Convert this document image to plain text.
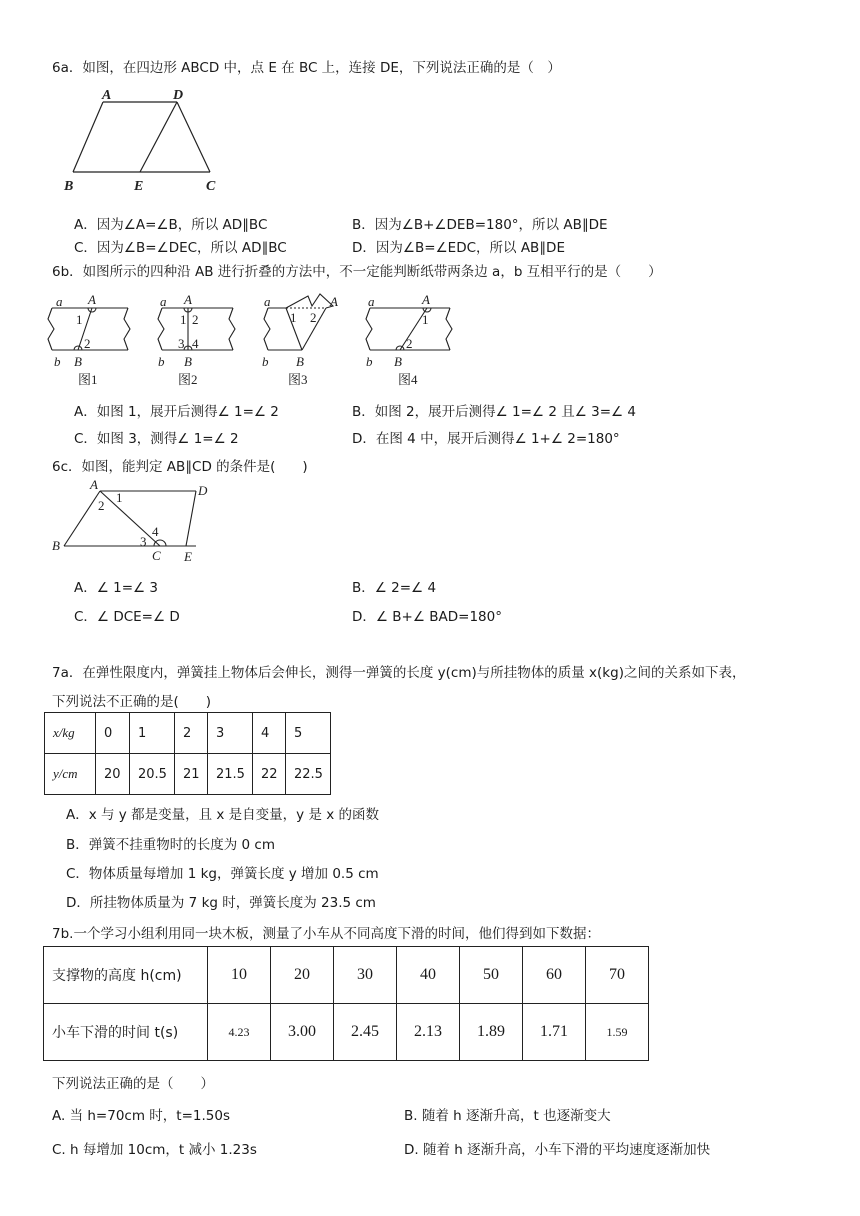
6a．如图，在四边形 ABCD 中，点 E 在 BC 上，连接 DE，下列说法正确的是（　）
A	D
B	E	C
A．因为∠A=∠B，所以 AD∥BC	B．因为∠B+∠DEB=180°，所以 AB∥DE
C．因为∠B=∠DEC，所以 AD∥BC	D．因为∠B=∠EDC，所以 AB∥DE
6b．如图所示的四种沿 AB 进行折叠的方法中，不一定能判断纸带两条边 a，b 互相平行的是（　　）
a A
b B
1
2
a A
b B
1 2
3 4
a
b B
A
1 2
a	A
b B
1
2
图1	图2	图3	图4
A．如图 1，展开后测得∠ 1=∠ 2	B．如图 2，展开后测得∠ 1=∠ 2 且∠ 3=∠ 4
C．如图 3，测得∠ 1=∠ 2	D．在图 4 中，展开后测得∠ 1+∠ 2=180°
6c．如图，能判定 AB∥CD 的条件是(　　)
A	D
B
C E
1
2
3
4
A．∠ 1=∠ 3	B．∠ 2=∠ 4
C．∠ DCE=∠ D	D．∠ B+∠ BAD=180°
7a．在弹性限度内，弹簧挂上物体后会伸长，测得一弹簧的长度 y(cm)与所挂物体的质量 x(kg)之间的关系如下表，
下列说法不正确的是(　　)
x/kg	0	1	2	3	4	5
y/cm	20	20.5	21	21.5	22	22.5
A．x 与 y 都是变量，且 x 是自变量，y 是 x 的函数
B．弹簧不挂重物时的长度为 0 cm
C．物体质量每增加 1 kg，弹簧长度 y 增加 0.5 cm
D．所挂物体质量为 7 kg 时，弹簧长度为 23.5 cm
7b.一个学习小组利用同一块木板，测量了小车从不同高度下滑的时间，他们得到如下数据：
支撑物的高度 h(cm)	10	20	30	40	50	60	70
小车下滑的时间 t(s)	4.23	3.00	2.45	2.13	1.89	1.71	1.59
下列说法正确的是（　　）
A. 当 h=70cm 时，t=1.50s	B. 随着 h 逐渐升高，t 也逐渐变大
C. h 每增加 10cm，t 减小 1.23s	D. 随着 h 逐渐升高，小车下滑的平均速度逐渐加快
